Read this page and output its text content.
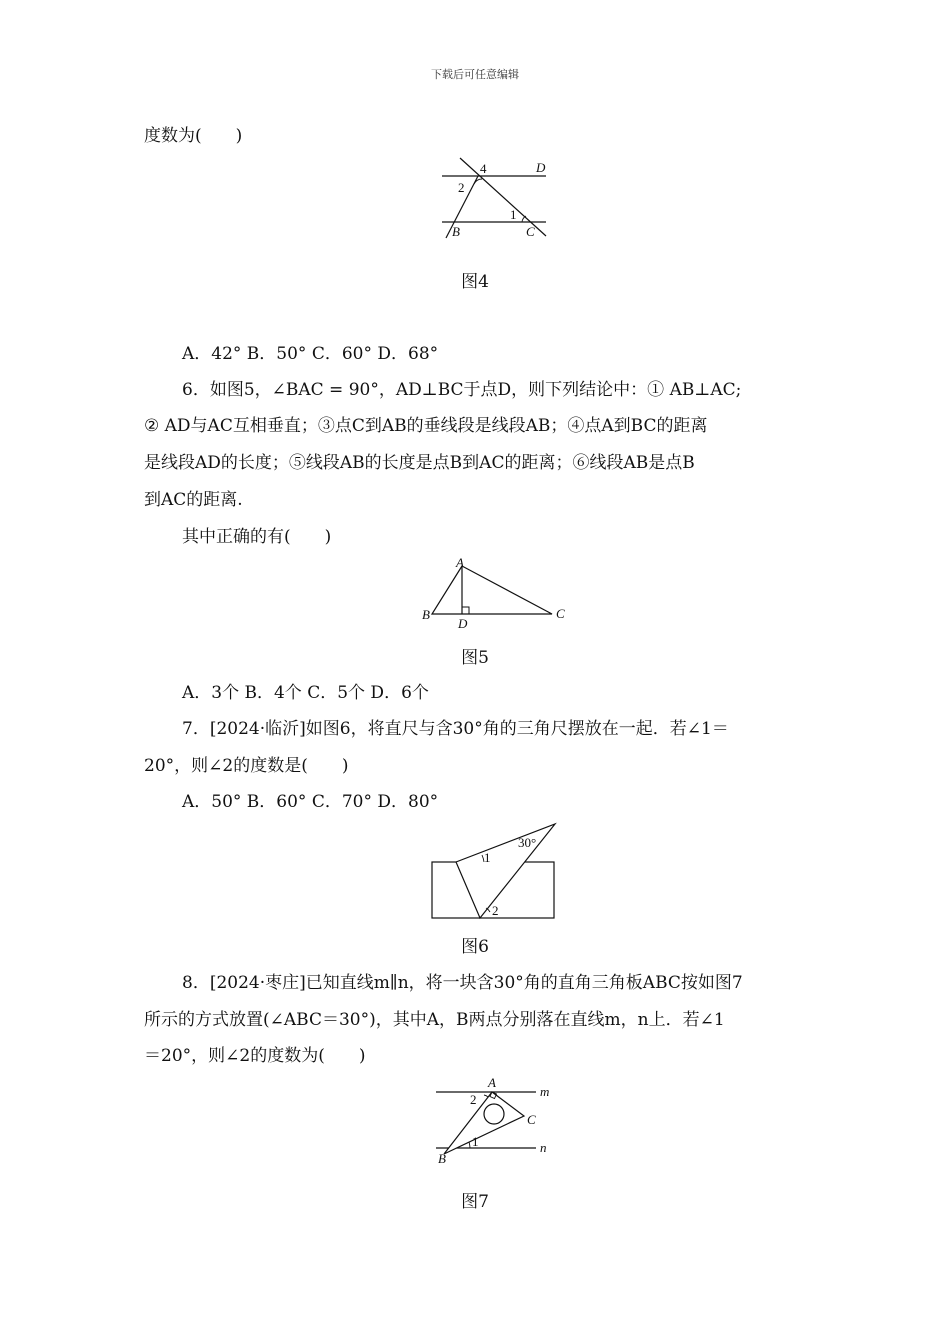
下载后可任意编辑
度数为(　　)
4	D
2
1
B	C
图4
A．42° B．50° C．60° D．68°
6．如图5，∠BAC = 90°，AD⊥BC于点D，则下列结论中：① AB⊥AC;
② AD与AC互相垂直；③点C到AB的垂线段是线段AB；④点A到BC的距离
是线段AD的长度；⑤线段AB的长度是点B到AC的距离；⑥线段AB是点B
到AC的距离.
其中正确的有(　　)
A
B
D
C
图5
A．3个 B．4个 C．5个 D．6个
7．[2024·临沂]如图6，将直尺与含30°角的三角尺摆放在一起．若∠1＝
20°，则∠2的度数是(　　)
A．50° B．60° C．70° D．80°
30°
1
2
图6
8．[2024·枣庄]已知直线m∥n，将一块含30°角的直角三角板ABC按如图7
所示的方式放置(∠ABC＝30°)，其中A，B两点分别落在直线m，n上．若∠1
＝20°，则∠2的度数为(　　)
A
m
2
C
n
1
B
图7
